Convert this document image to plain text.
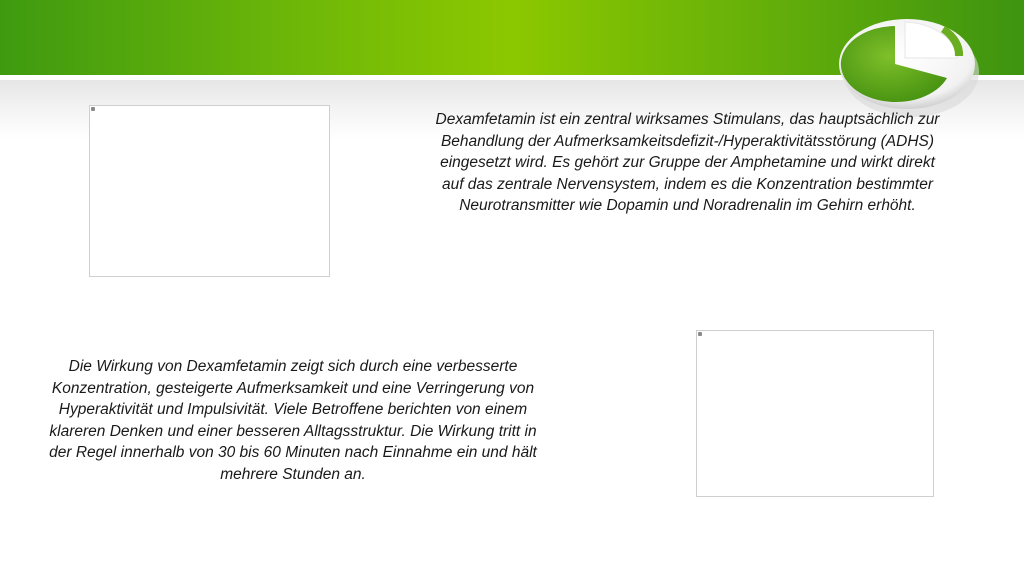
Dexamfetamin ist ein zentral wirksames Stimulans, das hauptsächlich zur Behandlung der Aufmerksamkeitsdefizit-/Hyperaktivitätsstörung (ADHS) eingesetzt wird. Es gehört zur Gruppe der Amphetamine und wirkt direkt auf das zentrale Nervensystem, indem es die Konzentration bestimmter Neurotransmitter wie Dopamin und Noradrenalin im Gehirn erhöht.

Die Wirkung von Dexamfetamin zeigt sich durch eine verbesserte Konzentration, gesteigerte Aufmerksamkeit und eine Verringerung von Hyperaktivität und Impulsivität. Viele Betroffene berichten von einem klareren Denken und einer besseren Alltagsstruktur. Die Wirkung tritt in der Regel innerhalb von 30 bis 60 Minuten nach Einnahme ein und hält mehrere Stunden an.
